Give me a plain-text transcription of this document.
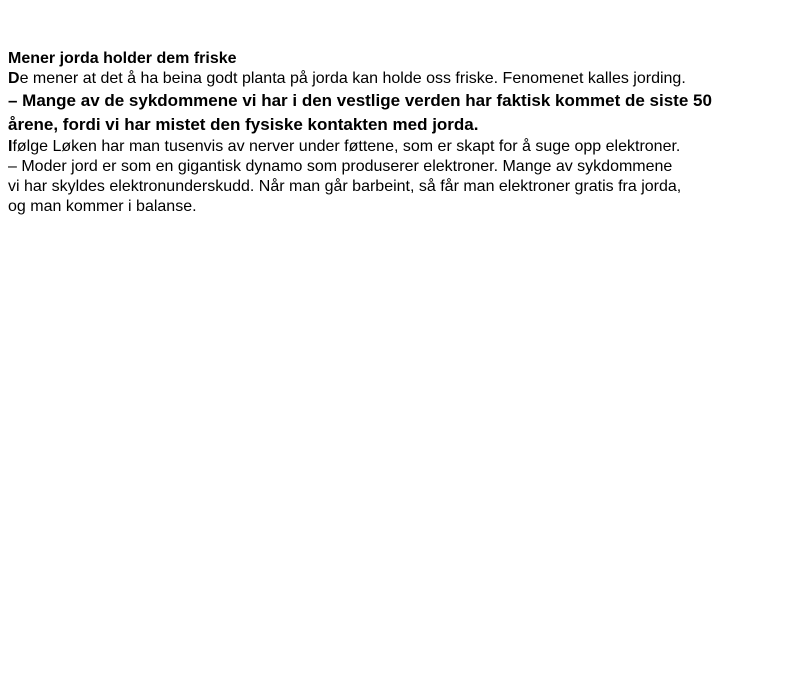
Mener jorda holder dem friske
De mener at det å ha beina godt planta på jorda kan holde oss friske. Fenomenet kalles jording.
– Mange av de sykdommene vi har i den vestlige verden har faktisk kommet de siste 50
årene, fordi vi har mistet den fysiske kontakten med jorda.
Ifølge Løken har man tusenvis av nerver under føttene, som er skapt for å suge opp elektroner.
– Moder jord er som en gigantisk dynamo som produserer elektroner. Mange av sykdommene
vi har skyldes elektronunderskudd. Når man går barbeint, så får man elektroner gratis fra jorda,
og man kommer i balanse.
